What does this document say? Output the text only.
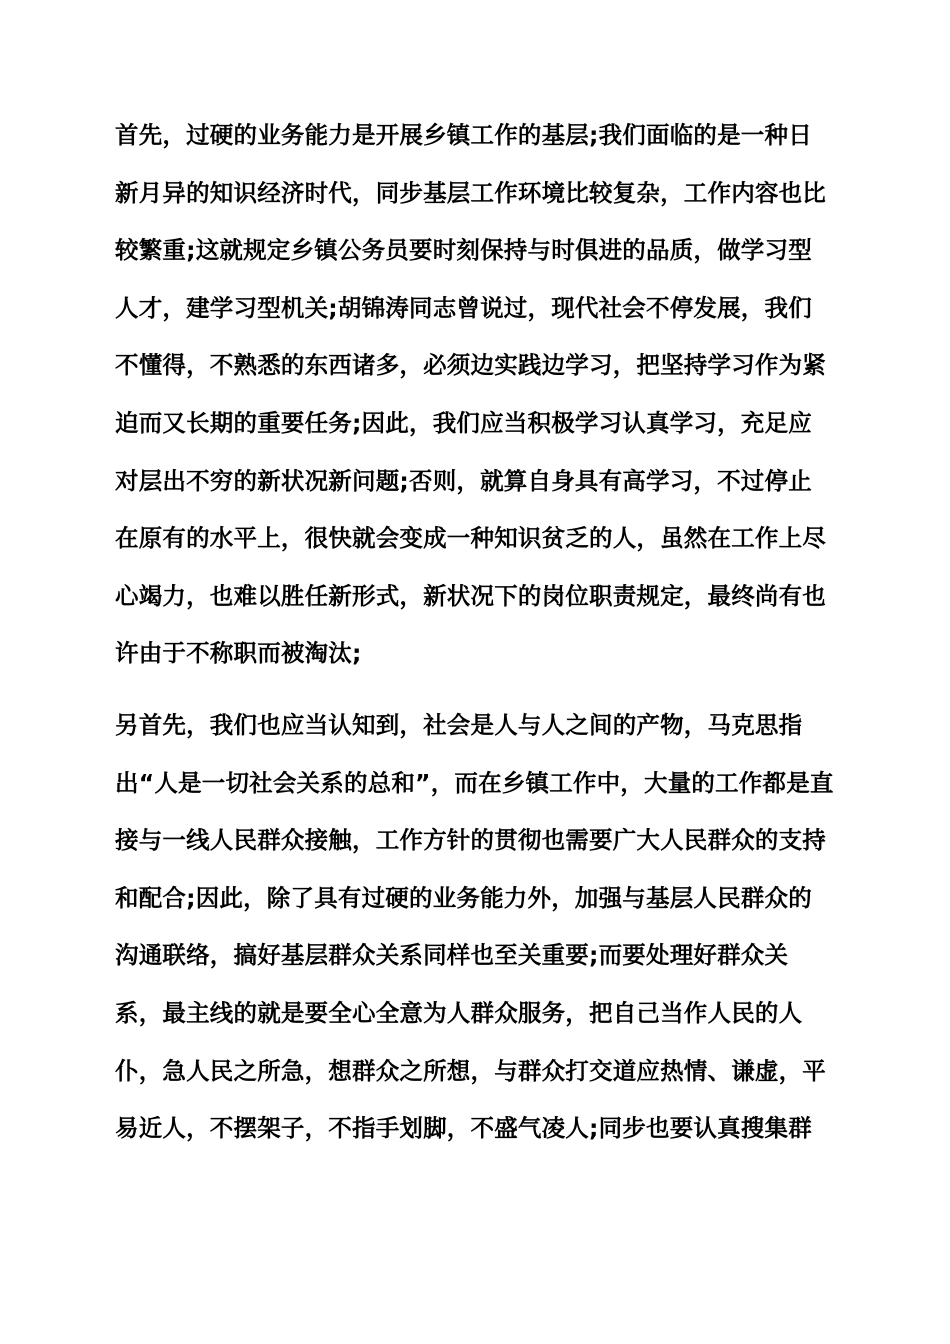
首先，过硬的业务能力是开展乡镇工作的基层;我们面临的是一种日
新月异的知识经济时代，同步基层工作环境比较复杂，工作内容也比
较繁重;这就规定乡镇公务员要时刻保持与时俱进的品质，做学习型
人才，建学习型机关;胡锦涛同志曾说过，现代社会不停发展，我们
不懂得，不熟悉的东西诸多，必须边实践边学习，把坚持学习作为紧
迫而又长期的重要任务;因此，我们应当积极学习认真学习，充足应
对层出不穷的新状况新问题;否则，就算自身具有高学习，不过停止
在原有的水平上，很快就会变成一种知识贫乏的人，虽然在工作上尽
心竭力，也难以胜任新形式，新状况下的岗位职责规定，最终尚有也
许由于不称职而被淘汰;
另首先，我们也应当认知到，社会是人与人之间的产物，马克思指
出“人是一切社会关系的总和”，而在乡镇工作中，大量的工作都是直
接与一线人民群众接触，工作方针的贯彻也需要广大人民群众的支持
和配合;因此，除了具有过硬的业务能力外，加强与基层人民群众的
沟通联络，搞好基层群众关系同样也至关重要;而要处理好群众关
系，最主线的就是要全心全意为人群众服务，把自己当作人民的人
仆，急人民之所急，想群众之所想，与群众打交道应热情、谦虚，平
易近人，不摆架子，不指手划脚，不盛气凌人;同步也要认真搜集群
